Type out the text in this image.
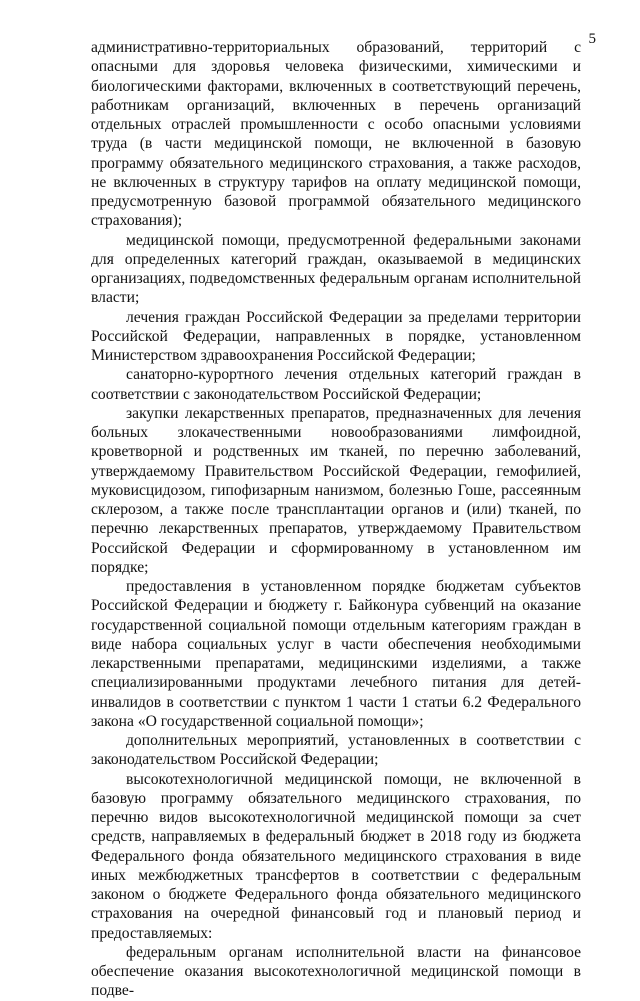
5

административно-территориальных образований, территорий с опасными для здоровья человека физическими, химическими и биологическими факторами, включенных в соответствующий перечень, работникам организаций, включенных в перечень организаций отдельных отраслей промышленности с особо опасными условиями труда (в части медицинской помощи, не включенной в базовую программу обязательного медицинского страхования, а также расходов, не включенных в структуру тарифов на оплату медицинской помощи, предусмотренную базовой программой обязательного медицинского страхования);

медицинской помощи, предусмотренной федеральными законами для определенных категорий граждан, оказываемой в медицинских организациях, подведомственных федеральным органам исполнительной власти;

лечения граждан Российской Федерации за пределами территории Российской Федерации, направленных в порядке, установленном Министерством здравоохранения Российской Федерации;

санаторно-курортного лечения отдельных категорий граждан в соответствии с законодательством Российской Федерации;

закупки лекарственных препаратов, предназначенных для лечения больных злокачественными новообразованиями лимфоидной, кроветворной и родственных им тканей, по перечню заболеваний, утверждаемому Правительством Российской Федерации, гемофилией, муковисцидозом, гипофизарным нанизмом, болезнью Гоше, рассеянным склерозом, а также после трансплантации органов и (или) тканей, по перечню лекарственных препаратов, утверждаемому Правительством Российской Федерации и сформированному в установленном им порядке;

предоставления в установленном порядке бюджетам субъектов Российской Федерации и бюджету г. Байконура субвенций на оказание государственной социальной помощи отдельным категориям граждан в виде набора социальных услуг в части обеспечения необходимыми лекарственными препаратами, медицинскими изделиями, а также специализированными продуктами лечебного питания для детей-инвалидов в соответствии с пунктом 1 части 1 статьи 6.2 Федерального закона «О государственной социальной помощи»;

дополнительных мероприятий, установленных в соответствии с законодательством Российской Федерации;

высокотехнологичной медицинской помощи, не включенной в базовую программу обязательного медицинского страхования, по перечню видов высокотехнологичной медицинской помощи за счет средств, направляемых в федеральный бюджет в 2018 году из бюджета Федерального фонда обязательного медицинского страхования в виде иных межбюджетных трансфертов в соответствии с федеральным законом о бюджете Федерального фонда обязательного медицинского страхования на очередной финансовый год и плановый период и предоставляемых:

федеральным органам исполнительной власти на финансовое обеспечение оказания высокотехнологичной медицинской помощи в подве-
